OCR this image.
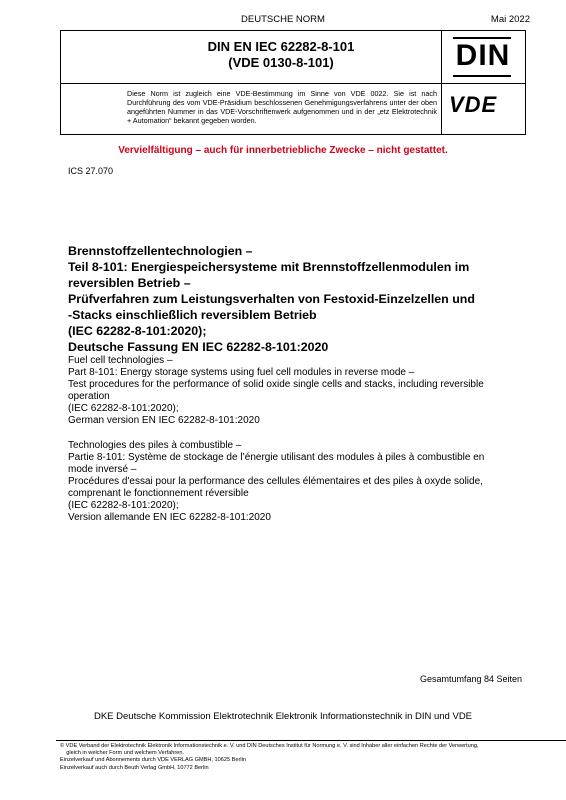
DEUTSCHE NORM	Mai 2022
DIN EN IEC 62282-8-101
(VDE 0130-8-101)	DIN
Diese Norm ist zugleich eine VDE-Bestimmung im Sinne von VDE 0022. Sie ist nach Durchführung des vom VDE-Präsidium beschlossenen Genehmigungsverfahrens unter der oben angeführten Nummer in das VDE-Vorschriftenwerk aufgenommen und in der „etz Elektrotechnik + Automation“ bekannt gegeben worden.
VDE
Vervielfältigung – auch für innerbetriebliche Zwecke – nicht gestattet.
ICS 27.070
Brennstoffzellentechnologien –
Teil 8-101: Energiespeichersysteme mit Brennstoffzellenmodulen im
reversiblen Betrieb –
Prüfverfahren zum Leistungsverhalten von Festoxid-Einzelzellen und
-Stacks einschließlich reversiblem Betrieb
(IEC 62282-8-101:2020);
Deutsche Fassung EN IEC 62282-8-101:2020
Fuel cell technologies –
Part 8-101: Energy storage systems using fuel cell modules in reverse mode –
Test procedures for the performance of solid oxide single cells and stacks, including reversible
operation
(IEC 62282-8-101:2020);
German version EN IEC 62282-8-101:2020
Technologies des piles à combustible –
Partie 8-101: Système de stockage de l’énergie utilisant des modules à piles à combustible en
mode inversé –
Procédures d'essai pour la performance des cellules élémentaires et des piles à oxyde solide,
comprenant le fonctionnement réversible
(IEC 62282-8-101:2020);
Version allemande EN IEC 62282-8-101:2020
Gesamtumfang 84 Seiten
DKE Deutsche Kommission Elektrotechnik Elektronik Informationstechnik in DIN und VDE
© VDE Verband der Elektrotechnik Elektronik Informationstechnik e. V. und DIN Deutsches Institut für Normung e. V. sind Inhaber aller einfachen Rechte der Verwertung,
gleich in welcher Form und welchem Verfahren.
Einzelverkauf und Abonnements durch VDE VERLAG GMBH, 10625 Berlin
Einzelverkauf auch durch Beuth Verlag GmbH, 10772 Berlin
